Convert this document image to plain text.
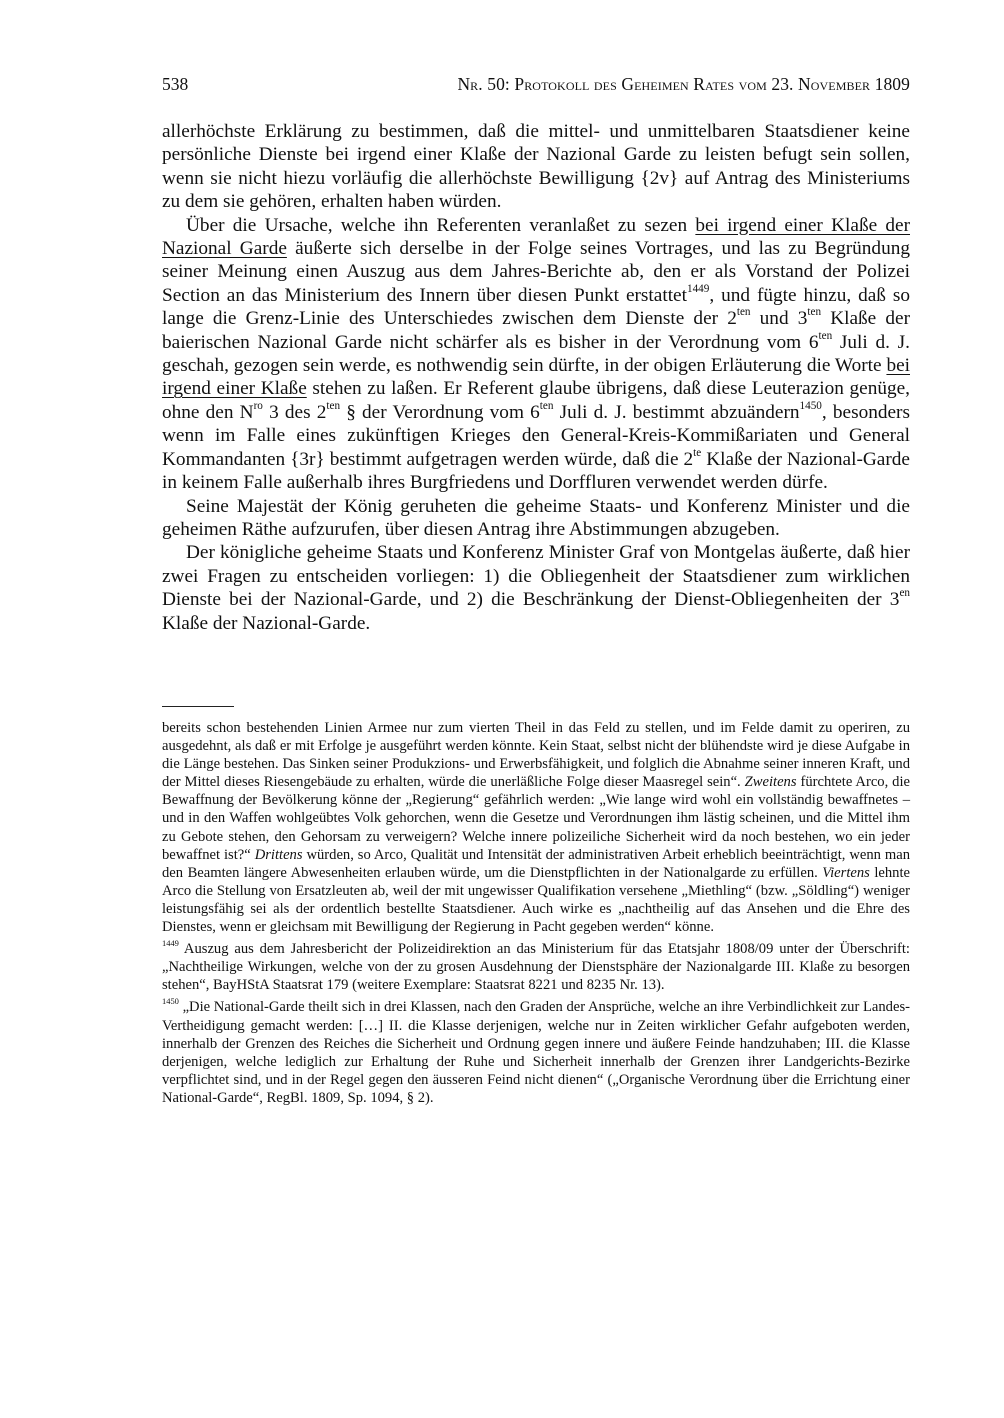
538	Nr. 50: Protokoll des Geheimen Rates vom 23. November 1809

allerhöchste Erklärung zu bestimmen, daß die mittel- und unmittelbaren Staatsdiener keine persönliche Dienste bei irgend einer Klaße der Nazional Garde zu leisten befugt sein sollen, wenn sie nicht hiezu vorläufig die allerhöchste Bewilligung {2v} auf Antrag des Ministeriums zu dem sie gehören, erhalten haben würden.

Über die Ursache, welche ihn Referenten veranlaßet zu sezen bei irgend einer Klaße der Nazional Garde äußerte sich derselbe in der Folge seines Vortrages, und las zu Begründung seiner Meinung einen Auszug aus dem Jahres-Berichte ab, den er als Vorstand der Polizei Section an das Ministerium des Innern über diesen Punkt erstattet$^{1449}$, und fügte hinzu, daß so lange die Grenz-Linie des Unterschiedes zwischen dem Dienste der $2^{ten}$ und $3^{ten}$ Klaße der baierischen Nazional Garde nicht schärfer als es bisher in der Verordnung vom $6^{ten}$ Juli d. J. geschah, gezogen sein werde, es nothwendig sein dürfte, in der obigen Erläuterung die Worte bei irgend einer Klaße stehen zu laßen. Er Referent glaube übrigens, daß diese Leuterazion genüge, ohne den $N^{ro}$ 3 des $2^{ten}$ § der Verordnung vom $6^{ten}$ Juli d. J. bestimmt abzuändern$^{1450}$, besonders wenn im Falle eines zukünftigen Krieges den General-Kreis-Kommißariaten und General Kommandanten {3r} bestimmt aufgetragen werden würde, daß die $2^{te}$ Klaße der Nazional-Garde in keinem Falle außerhalb ihres Burgfriedens und Dorffluren verwendet werden dürfe.

Seine Majestät der König geruheten die geheime Staats- und Konferenz Minister und die geheimen Räthe aufzurufen, über diesen Antrag ihre Abstimmungen abzugeben.

Der königliche geheime Staats und Konferenz Minister Graf von Montgelas äußerte, daß hier zwei Fragen zu entscheiden vorliegen: 1) die Obliegenheit der Staatsdiener zum wirklichen Dienste bei der Nazional-Garde, und 2) die Beschränkung der Dienst-Obliegenheiten der $3^{en}$ Klaße der Nazional-Garde.

bereits schon bestehenden Linien Armee nur zum vierten Theil in das Feld zu stellen, und im Felde damit zu operiren, zu ausgedehnt, als daß er mit Erfolge je ausgeführt werden könnte. Kein Staat, selbst nicht der blühendste wird je diese Aufgabe in die Länge bestehen. Das Sinken seiner Produkzions- und Erwerbsfähigkeit, und folglich die Abnahme seiner inneren Kraft, und der Mittel dieses Riesengebäude zu erhalten, würde die unerläßliche Folge dieser Maasregel sein“. Zweitens fürchtete Arco, die Bewaffnung der Bevölkerung könne der „Regierung“ gefährlich werden: „Wie lange wird wohl ein vollständig bewaffnetes – und in den Waffen wohlgeübtes Volk gehorchen, wenn die Gesetze und Verordnungen ihm lästig scheinen, und die Mittel ihm zu Gebote stehen, den Gehorsam zu verweigern? Welche innere polizeiliche Sicherheit wird da noch bestehen, wo ein jeder bewaffnet ist?“ Drittens würden, so Arco, Qualität und Intensität der administrativen Arbeit erheblich beeinträchtigt, wenn man den Beamten längere Abwesenheiten erlauben würde, um die Dienstpflichten in der Nationalgarde zu erfüllen. Viertens lehnte Arco die Stellung von Ersatzleuten ab, weil der mit ungewisser Qualifikation versehene „Miethling“ (bzw. „Söldling“) weniger leistungsfähig sei als der ordentlich bestellte Staatsdiener. Auch wirke es „nachtheilig auf das Ansehen und die Ehre des Dienstes, wenn er gleichsam mit Bewilligung der Regierung in Pacht gegeben werden“ könne.

$^{1449}$ Auszug aus dem Jahresbericht der Polizeidirektion an das Ministerium für das Etatsjahr 1808/09 unter der Überschrift: „Nachtheilige Wirkungen, welche von der zu grosen Ausdehnung der Dienstsphäre der Nazionalgarde III. Klaße zu besorgen stehen“, BayHStA Staatsrat 179 (weitere Exemplare: Staatsrat 8221 und 8235 Nr. 13).

$^{1450}$ „Die National-Garde theilt sich in drei Klassen, nach den Graden der Ansprüche, welche an ihre Verbindlichkeit zur Landes-Vertheidigung gemacht werden: […] II. die Klasse derjenigen, welche nur in Zeiten wirklicher Gefahr aufgeboten werden, innerhalb der Grenzen des Reiches die Sicherheit und Ordnung gegen innere und äußere Feinde handzuhaben; III. die Klasse derjenigen, welche lediglich zur Erhaltung der Ruhe und Sicherheit innerhalb der Grenzen ihrer Landgerichts-Bezirke verpflichtet sind, und in der Regel gegen den äusseren Feind nicht dienen“ („Organische Verordnung über die Errichtung einer National-Garde“, RegBl. 1809, Sp. 1094, § 2).
